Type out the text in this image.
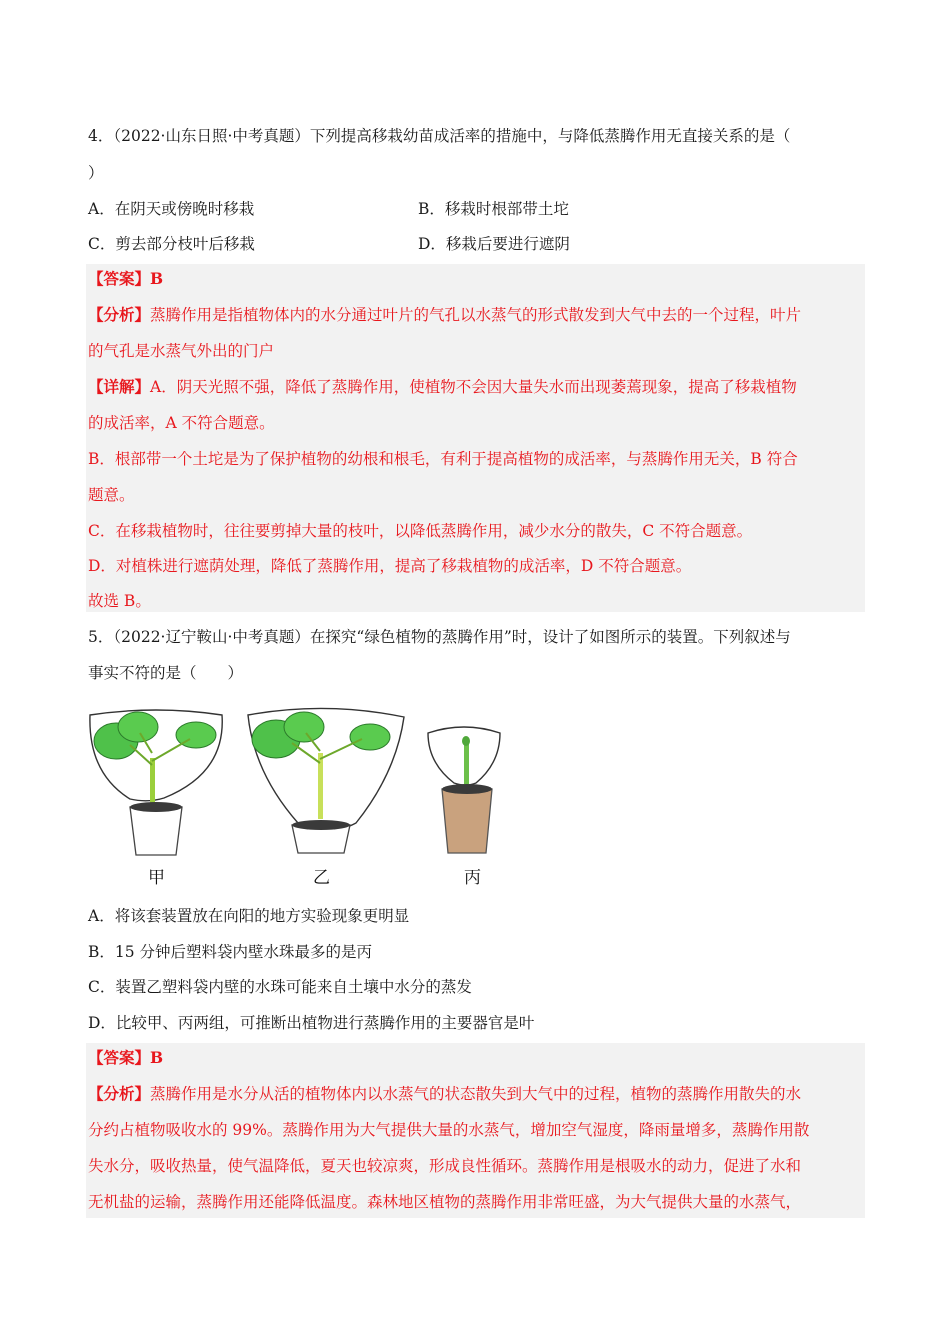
4．（2022·山东日照·中考真题）下列提高移栽幼苗成活率的措施中，与降低蒸腾作用无直接关系的是（
）
A．在阴天或傍晚时移栽	B．移栽时根部带土坨
C．剪去部分枝叶后移栽	D．移栽后要进行遮阴
【答案】B
【分析】蒸腾作用是指植物体内的水分通过叶片的气孔以水蒸气的形式散发到大气中去的一个过程，叶片
的气孔是水蒸气外出的门户
【详解】A．阴天光照不强，降低了蒸腾作用，使植物不会因大量失水而出现萎蔫现象，提高了移栽植物
的成活率，A 不符合题意。
B．根部带一个土坨是为了保护植物的幼根和根毛，有利于提高植物的成活率，与蒸腾作用无关，B 符合
题意。
C．在移栽植物时，往往要剪掉大量的枝叶，以降低蒸腾作用，减少水分的散失，C 不符合题意。
D．对植株进行遮荫处理，降低了蒸腾作用，提高了移栽植物的成活率，D 不符合题意。
故选 B。
5．（2022·辽宁鞍山·中考真题）在探究“绿色植物的蒸腾作用”时，设计了如图所示的装置。下列叙述与
事实不符的是（　　）
甲	乙	丙
A．将该套装置放在向阳的地方实验现象更明显
B．15 分钟后塑料袋内壁水珠最多的是丙
C．装置乙塑料袋内壁的水珠可能来自土壤中水分的蒸发
D．比较甲、丙两组，可推断出植物进行蒸腾作用的主要器官是叶
【答案】B
【分析】蒸腾作用是水分从活的植物体内以水蒸气的状态散失到大气中的过程，植物的蒸腾作用散失的水
分约占植物吸收水的 99%。蒸腾作用为大气提供大量的水蒸气，增加空气湿度，降雨量增多，蒸腾作用散
失水分，吸收热量，使气温降低，夏天也较凉爽，形成良性循环。蒸腾作用是根吸水的动力，促进了水和
无机盐的运输，蒸腾作用还能降低温度。森林地区植物的蒸腾作用非常旺盛，为大气提供大量的水蒸气，
